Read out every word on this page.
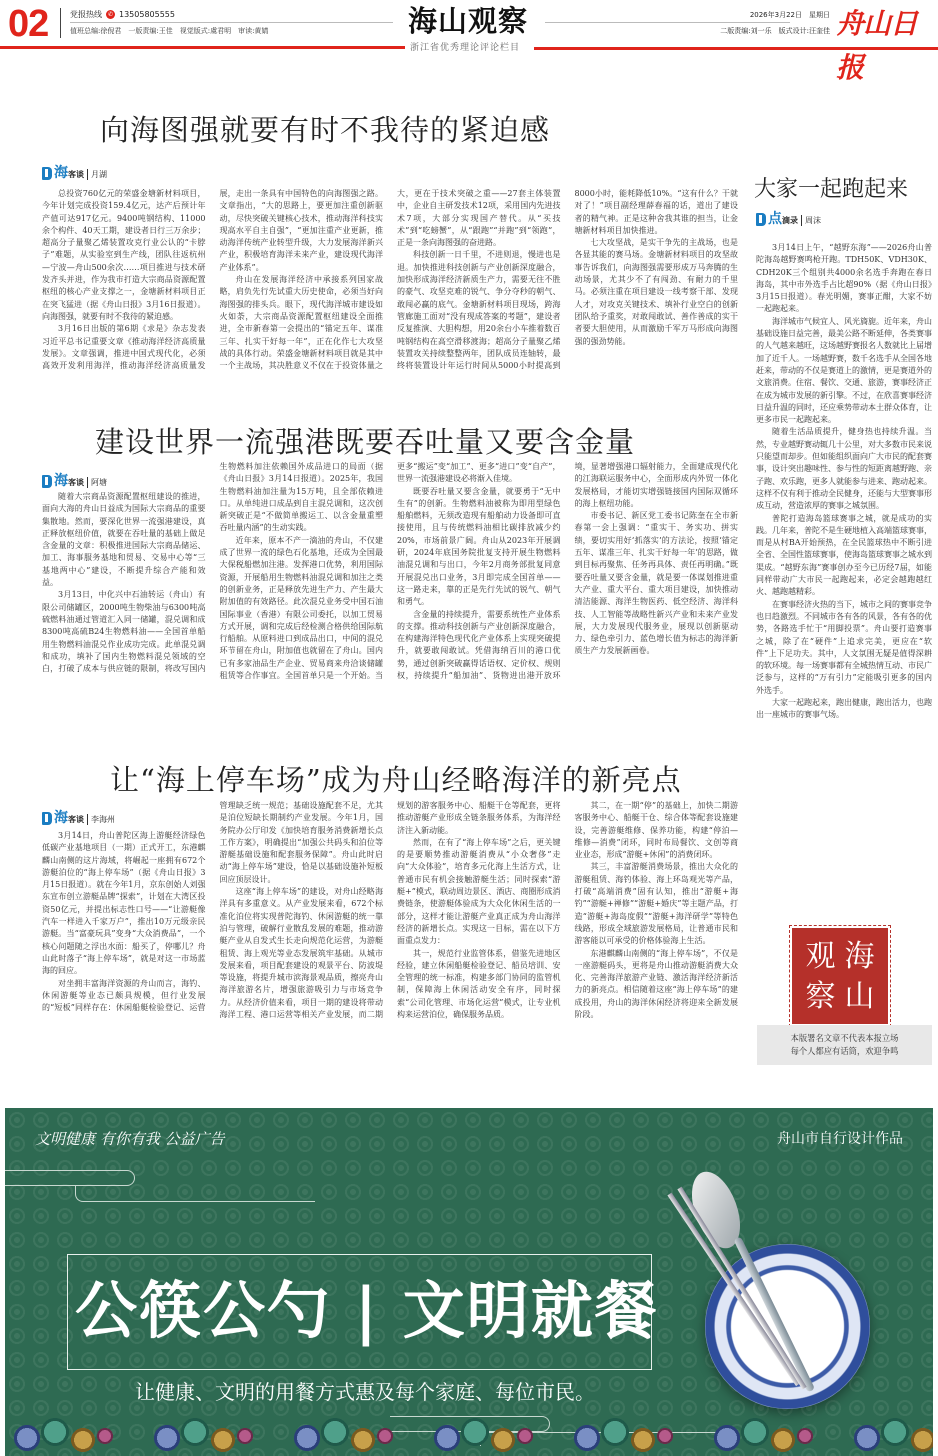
02	党报热线 ✆ 13505805555
值班总编:徐倪君　一版责编:王佳　视觉版式:虞君明　审读:黄婧	海山观察
浙江省优秀理论评论栏目
2026年3月22日　星期日
二版责编:刘一乐　版式设计:汪奎佳 舟山日报
向海图强就要有时不我待的紧迫感
海 客谈 月湖

总投资760亿元的荣盛金塘新材料项目，今年计划完成投资159.4亿元，达产后预计年产值可达917亿元。9400吨钢结构、11000余个构件、40天工期，建设者日行三万余步；超高分子量聚乙烯装置攻克行业公认的“卡脖子”难题，从实验室到生产线，团队往返杭州—宁波—舟山500余次……项目推进与技术研发齐头并进，作为我市打造大宗商品资源配置枢纽的核心产业支撑之一，金塘新材料项目正在突飞猛进（据《舟山日报》3月16日报道）。向海图强，就要有时不我待的紧迫感。

3月16日出版的第6期《求是》杂志发表习近平总书记重要文章《推动海洋经济高质量发展》。文章强调，推进中国式现代化，必须高效开发利用海洋，推动海洋经济高质量发展，走出一条具有中国特色的向海图强之路。文章指出，“大的思路上，要更加注重创新驱动，尽快突破关键核心技术，推动海洋科技实现高水平自主自强”，“更加注重产业更新，推动海洋传统产业转型升级，大力发展海洋新兴产业，积极培育海洋未来产业，建设现代海洋产业体系”。

舟山在发展海洋经济中承接系列国家战略，肩负先行先试重大历史使命，必须当好向海图强的排头兵。眼下，现代海洋城市建设如火如荼，大宗商品资源配置枢纽建设全面推进，全市新春第一会提出的“锚定五年、谋准三年、扎实干好每一年”，正在化作七大攻坚战的具体行动。荣盛金塘新材料项目就是其中一个主战场，其决胜意义不仅在于投资体量之大，更在于技术突破之重——27套主体装置中，企业自主研发技术12项，采用国内先进技术7项，大部分实现国产替代。从“买技术”到“吃螃蟹”，从“跟跑”“并跑”到“领跑”，正是一条向海图强的奋进路。

科技创新一日千里，不进则退，慢进也是退。加快推进科技创新与产业创新深度融合，加快形成海洋经济新质生产力，需要无往不胜的豪气、攻坚克难的锐气、争分夺秒的朝气、敢闯必赢的底气。金塘新材料项目现场，跨海管廊施工面对“没有现成答案的考题”，建设者反复推演、大胆构想，用20余台小车推着数百吨钢结构在高空滑移渡海；超高分子量聚乙烯装置攻关持续整整两年，团队成员连轴转，最终将装置设计年运行时间从5000小时提高到8000小时，能耗降低10%。“这有什么？干就对了！”项目副经理薛春福的话，道出了建设者的精气神。正是这种舍我其谁的担当，让金塘新材料项目加快推进。

七大攻坚战，是实干争先的主战场，也是各显其能的赛马场。金塘新材料项目的攻坚故事告诉我们，向海图强需要形成万马奔腾的生动场景，尤其少不了有闯劲、有耐力的千里马。必须注重在项目建设一线考察干部、发现人才，对攻克关键技术、填补行业空白的创新团队给予重奖，对敢闯敢试、善作善成的实干者要大胆使用，从而激励千军万马形成向海图强的强劲势能。

建设世界一流强港既要吞吐量又要含金量
海 客谈 阿塘

随着大宗商品资源配置枢纽建设的推进，面向大海的舟山日益成为国际大宗商品的重要集散地。然而，要深化世界一流强港建设，真正释放枢纽价值，就要在吞吐量的基础上做足含金量的文章：积极推进国际大宗商品储运、加工、海事服务基地和贸易、交易中心等“三基地两中心”建设，不断提升综合产能和效益。

3月13日，中化兴中石油转运（舟山）有限公司储罐区，2000吨生物柴油与6300吨高硫燃料油通过管道汇入同一储罐，混兑调和成8300吨高硫B24生物燃料油——全国首单船用生物燃料油混兑作业成功完成。此单混兑调和成功，填补了国内生物燃料混兑领域的空白，打破了成本与供应链的限制，将改写国内生物燃料加注依赖国外成品进口的局面（据《舟山日报》3月14日报道）。2025年，我国生物燃料油加注量为15万吨，且全部依赖进口。从单纯进口成品到自主混兑调和，这次创新突破正是“不做简单搬运工、以含金量重塑吞吐量内涵”的生动实践。

近年来，原本不产一滴油的舟山，不仅建成了世界一流的绿色石化基地，还成为全国最大保税船燃加注港。发挥港口优势，利用国际资源，开展船用生物燃料油混兑调和加注之类的创新业务，正是释放先进生产力、产生最大附加值的有效路径。此次混兑业务受中国石油国际事业（香港）有限公司委托，以加工贸易方式开展，调和完成后经检测合格供给国际航行船舶。从原料进口到成品出口，中间的混兑环节留在舟山，附加值也就留在了舟山。国内已有多家油品生产企业、贸易商来舟洽谈储罐租赁等合作事宜。全国首单只是一个开始。当更多“搬运”变“加工”、更多“进口”变“自产”，世界一流强港建设必将渐入佳境。

既要吞吐量又要含金量，就要勇于“无中生有”的创新。生物燃料油被称为即用型绿色船舶燃料，无须改造现有船舶动力设备即可直接使用，且与传统燃料油相比碳排放减少约20%，市场前景广阔。舟山从2023年开展调研，2024年底国务院批复支持开展生物燃料油混兑调和与出口，今年2月商务部批复同意开展混兑出口业务，3月即完成全国首单——这一路走来，靠的正是先行先试的锐气、朝气和勇气。

含金量的持续提升，需要系统性产业体系的支撑。推动科技创新与产业创新深度融合，在构建海洋特色现代化产业体系上实现突破提升，就要敢闯敢试。凭借海纳百川的港口优势，通过创新突破赢得话语权、定价权、规则权，持续提升“船加油”、货物进出港开放环境，显著增强港口辐射能力，全面建成现代化的江海联运服务中心，全面形成内外贸一体化发展格局，才能切实增强链接国内国际双循环的海上枢纽功能。

市委书记、新区党工委书记陈奎在全市新春第一会上强调：“重实干、务实功、拼实绩，要切实用好‘抓落实’的方法论，按照‘锚定五年、谋准三年、扎实干好每一年’的思路，做到目标再聚焦、任务再具体、责任再明确。”既要吞吐量又要含金量，就是要一体谋划推进重大产业、重大平台、重大项目建设，加快推动清洁能源、海洋生物医药、低空经济、海洋科技、人工智能等战略性新兴产业和未来产业发展，大力发展现代服务业，展现以创新驱动力、绿色牵引力、蓝色增长值为标志的海洋新质生产力发展新画卷。

让“海上停车场”成为舟山经略海洋的新亮点
海 客谈 李海州

3月14日，舟山普陀区海上游艇经济绿色低碳产业基地项目（一期）正式开工，东港麒麟山南侧的这片海域，将崛起一座拥有672个游艇泊位的“海上停车场”（据《舟山日报》3月15日报道）。就在今年1月，京东创始人刘强东宣布创立游艇品牌“探索”，计划在大湾区投资50亿元，并提出标志性口号——“让游艇像汽车一样进入千家万户”，推出10万元级亲民游艇。当“富豪玩具”变身“大众消费品”，一个核心问题随之浮出水面：船买了，停哪儿？舟山此时落子“海上停车场”，就是对这一市场蓝海的回应。

对坐拥丰富海洋资源的舟山而言，海钓、休闲游艇等业态已颇具规模，但行业发展的“短板”同样存在：休闲船艇检验登记、运营管理缺乏统一规范；基础设施配套不足，尤其是泊位短缺长期制约产业发展。今年1月，国务院办公厅印发《加快培育服务消费新增长点工作方案》，明确提出“加强公共码头和泊位等游艇基础设施和配套服务保障”。舟山此时启动“海上停车场”建设，恰是以基础设施补短板回应顶层设计。

这座“海上停车场”的建设，对舟山经略海洋具有多重意义。从产业发展来看，672个标准化泊位将实现普陀海钓、休闲游艇的统一靠泊与管理，破解行业散乱发展的难题，推动游艇产业从自发式生长走向规范化运营，为游艇租赁、海上观光等业态发展筑牢基础。从城市发展来看，项目配套建设的观景平台、防波堤等设施，将提升城市滨海景观品质，擦亮舟山海洋旅游名片，增强旅游吸引力与市场竞争力。从经济价值来看，项目一期的建设将带动海洋工程、港口运营等相关产业发展，而二期规划的游客服务中心、船艇干仓等配套，更将推动游艇产业形成全链条服务体系，为海洋经济注入新动能。

然而，在有了“海上停车场”之后，更关键的是要顺势推动游艇消费从“小众奢侈”走向“大众体验”，培育多元化海上生活方式，让普通市民有机会接触游艇生活；同时探索“游艇+”模式，联动周边景区、酒店、商圈形成消费链条，使游艇体验成为大众化休闲生活的一部分，这样才能让游艇产业真正成为舟山海洋经济的新增长点。实现这一目标，需在以下方面重点发力：

其一，规范行业监管体系，借鉴先进地区经验，建立休闲船艇检验登记、船员培训、安全管理的统一标准，构建多部门协同的监管机制，保障海上休闲活动安全有序，同时探索“公司化管理、市场化运营”模式，让专业机构来运营泊位，确保服务品质。

其二，在一期“停”的基础上，加快二期游客服务中心、船艇干仓、综合体等配套设施建设，完善游艇维修、保养功能，构建“停泊—维修—消费”闭环，同时布局餐饮、文创等商业业态，形成“游艇+休闲”的消费闭环。

其三，丰富游艇消费场景，推出大众化的游艇租赁、海钓体验、海上环岛观光等产品，打破“高端消费”固有认知，推出“游艇+海钓”“游艇+禅修”“游艇+婚庆”等主题产品，打造“游艇+海岛度假”“游艇+海洋研学”等特色线路，形成全域旅游发展格局，让普通市民和游客能以可承受的价格体验海上生活。

东港麒麟山南侧的“海上停车场”，不仅是一座游艇码头，更将是舟山推动游艇消费大众化、完善海洋旅游产业链、激活海洋经济新活力的新亮点。相信随着这座“海上停车场”的建成投用，舟山的海洋休闲经济将迎来全新发展阶段。

大家一起跑起来
点 滴录 周沫

3月14日上午，“越野东海”——2026舟山普陀海岛越野赛鸣枪开跑。TDH50K、VDH30K、CDH20K三个组别共4000余名选手奔跑在春日海岛，其中市外选手占比超90%（据《舟山日报》3月15日报道）。春光明媚，赛事正酣，大家不妨一起跑起来。

海洋城市气候宜人、风光旖旎。近年来，舟山基础设施日益完善，最美公路不断延伸，各类赛事的人气越来越旺，这场越野赛报名人数就比上届增加了近千人。一场越野赛，数千名选手从全国各地赶来，带动的不仅是赛道上的激情，更是赛道外的文旅消费。住宿、餐饮、交通、旅游，赛事经济正在成为城市发展的新引擎。不过，在欣喜赛事经济日益升温的同时，还应乘势带动本土群众体育，让更多市民一起跑起来。

随着生活品质提升，健身热也持续升温。当然，专业越野赛动辄几十公里，对大多数市民来说只能望而却步。但如能组织面向广大市民的配套赛事，设计突出趣味性、参与性的短距离越野跑、亲子跑、欢乐跑，更多人就能参与进来、跑动起来。这样不仅有利于推动全民健身，还能与大型赛事形成互动，营造浓厚的赛事之城氛围。

普陀打造海岛篮球赛事之城，就是成功的实践。几年来，普陀不是生硬地植入高端篮球赛事，而是从村BA开始预热，在全民篮球热中不断引进全省、全国性篮球赛事，使海岛篮球赛事之城水到渠成。“越野东海”赛事创办至今已历经7届，如能同样带动广大市民一起跑起来，必定会越跑越红火、越跑越精彩。

在赛事经济火热的当下，城市之间的赛事竞争也日趋激烈。不同城市各有各的风景，各有各的优势，各路选手忙于“用脚投票”。舟山要打造赛事之城，除了在“硬件”上追求完美，更应在“软件”上下足功夫。其中，人文氛围无疑是值得深耕的软环境。每一场赛事都有全城热情互动、市民广泛参与，这样的“万有引力”定能吸引更多的国内外选手。

大家一起跑起来，跑出健康，跑出活力，也跑出一座城市的赛事气场。

观 海
察 山
本版署名文章不代表本报立场
每个人都应有话筒，欢迎争鸣
文明健康 有你有我 公益广告	舟山市自行设计作品
公筷公勺 | 文明就餐
让健康、文明的用餐方式惠及每个家庭、每位市民。
